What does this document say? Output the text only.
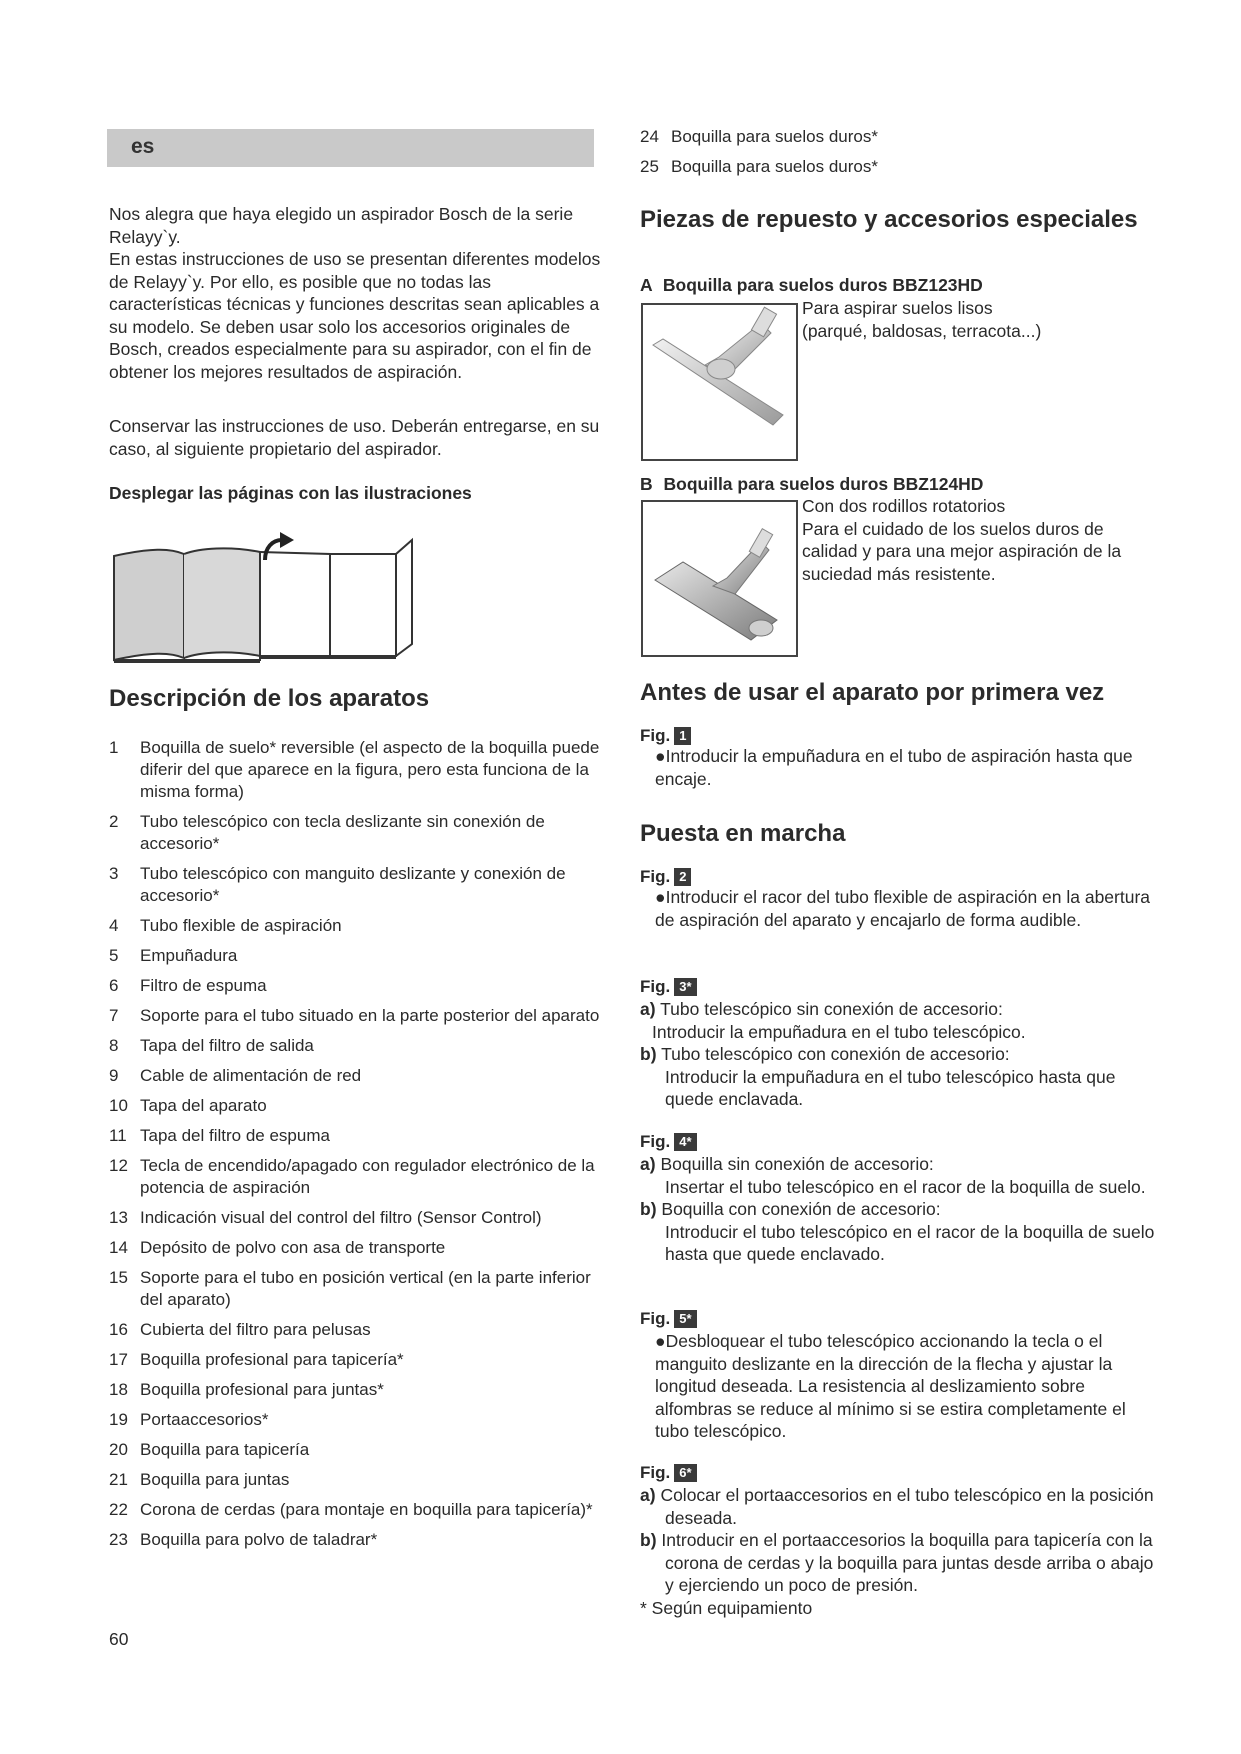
es
Nos alegra que haya elegido un aspirador Bosch de la serie Relayy`y.
En estas instrucciones de uso se presentan diferentes modelos de Relayy`y. Por ello, es posible que no todas las características técnicas y funciones descritas sean aplicables a su modelo. Se deben usar solo los accesorios originales de Bosch, creados especialmente para su aspirador, con el fin de obtener los mejores resultados de aspiración.
Conservar las instrucciones de uso. Deberán entregarse, en su caso, al siguiente propietario del aspirador.
Desplegar las páginas con las ilustraciones
Descripción de los aparatos
1	Boquilla de suelo* reversible (el aspecto de la boquilla puede diferir del que aparece en la figura, pero esta funciona de la misma forma)
2	Tubo telescópico con tecla deslizante sin conexión de accesorio*
3	Tubo telescópico con manguito deslizante y conexión de accesorio*
4	Tubo flexible de aspiración
5	Empuñadura
6	Filtro de espuma
7	Soporte para el tubo situado en la parte posterior del aparato
8	Tapa del filtro de salida
9	Cable de alimentación de red
10 Tapa del aparato
11 Tapa del filtro de espuma
12 Tecla de encendido/apagado con regulador electrónico de la potencia de aspiración
13 Indicación visual del control del filtro (Sensor Control)
14 Depósito de polvo con asa de transporte
15 Soporte para el tubo en posición vertical (en la parte inferior del aparato)
16 Cubierta del filtro para pelusas
17 Boquilla profesional para tapicería*
18 Boquilla profesional para juntas*
19 Portaaccesorios*
20 Boquilla para tapicería
21 Boquilla para juntas
22 Corona de cerdas (para montaje en boquilla para tapicería)*
23 Boquilla para polvo de taladrar*
60
24 Boquilla para suelos duros*
25 Boquilla para suelos duros*
Piezas de repuesto y accesorios especiales
A Boquilla para suelos duros BBZ123HD
Para aspirar suelos lisos
(parqué, baldosas, terracota...)
B Boquilla para suelos duros BBZ124HD
Con dos rodillos rotatorios
Para el cuidado de los suelos duros de calidad y para una mejor aspiración de la suciedad más resistente.
Antes de usar el aparato por primera vez
Fig. 1
●Introducir la empuñadura en el tubo de aspiración hasta que encaje.
Puesta en marcha
Fig. 2
●Introducir el racor del tubo flexible de aspiración en la abertura de aspiración del aparato y encajarlo de forma audible.
Fig. 3*
a) Tubo telescópico sin conexión de accesorio:
Introducir la empuñadura en el tubo telescópico.
b) Tubo telescópico con conexión de accesorio:
Introducir la empuñadura en el tubo telescópico hasta que quede enclavada.
Fig. 4*
a) Boquilla sin conexión de accesorio:
Insertar el tubo telescópico en el racor de la boquilla de suelo.
b) Boquilla con conexión de accesorio:
Introducir el tubo telescópico en el racor de la boquilla de suelo hasta que quede enclavado.
Fig. 5*
●Desbloquear el tubo telescópico accionando la tecla o el manguito deslizante en la dirección de la flecha y ajustar la longitud deseada. La resistencia al deslizamiento sobre alfombras se reduce al mínimo si se estira completamente el tubo telescópico.
Fig. 6*
a) Colocar el portaaccesorios en el tubo telescópico en la posición deseada.
b) Introducir en el portaaccesorios la boquilla para tapicería con la corona de cerdas y la boquilla para juntas desde arriba o abajo y ejerciendo un poco de presión.
* Según equipamiento
